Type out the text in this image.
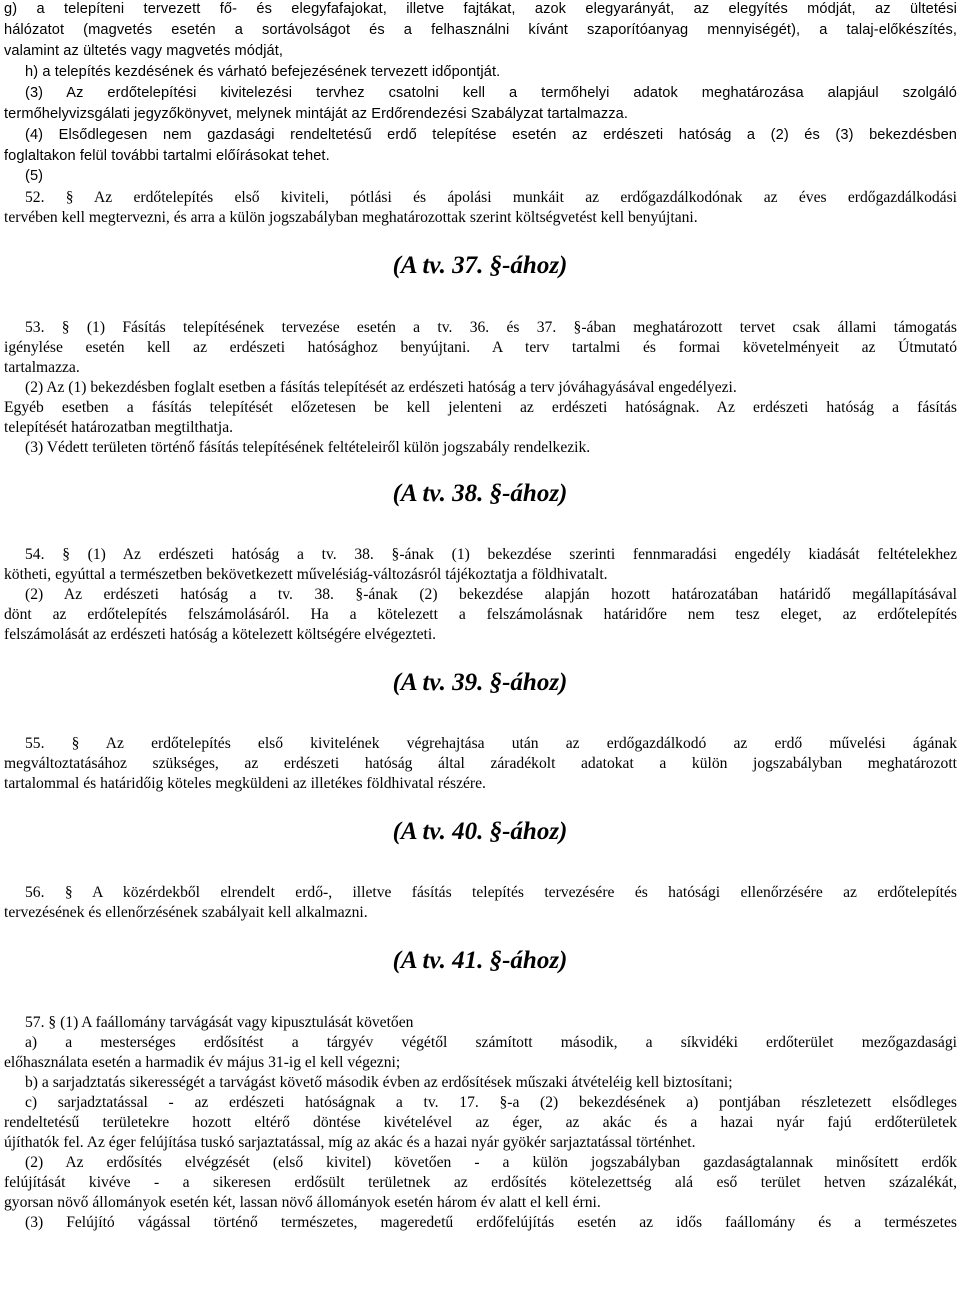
g) a telepíteni tervezett fő- és elegyfafajokat, illetve fajtákat, azok elegyarányát, az elegyítés módját, az ültetési
hálózatot (magvetés esetén a sortávolságot és a felhasználni kívánt szaporítóanyag mennyiségét), a talaj-előkészítés,
valamint az ültetés vagy magvetés módját,
h) a telepítés kezdésének és várható befejezésének tervezett időpontját.
(3) Az erdőtelepítési kivitelezési tervhez csatolni kell a termőhelyi adatok meghatározása alapjául szolgáló
termőhelyvizsgálati jegyzőkönyvet, melynek mintáját az Erdőrendezési Szabályzat tartalmazza.
(4) Elsődlegesen nem gazdasági rendeltetésű erdő telepítése esetén az erdészeti hatóság a (2) és (3) bekezdésben
foglaltakon felül további tartalmi előírásokat tehet.
(5)
52. § Az erdőtelepítés első kiviteli, pótlási és ápolási munkáit az erdőgazdálkodónak az éves erdőgazdálkodási
tervében kell megtervezni, és arra a külön jogszabályban meghatározottak szerint költségvetést kell benyújtani.
(A tv. 37. §-ához)
53. § (1) Fásítás telepítésének tervezése esetén a tv. 36. és 37. §-ában meghatározott tervet csak állami támogatás
igénylése esetén kell az erdészeti hatósághoz benyújtani. A terv tartalmi és formai követelményeit az Útmutató
tartalmazza.
(2) Az (1) bekezdésben foglalt esetben a fásítás telepítését az erdészeti hatóság a terv jóváhagyásával engedélyezi.
Egyéb esetben a fásítás telepítését előzetesen be kell jelenteni az erdészeti hatóságnak. Az erdészeti hatóság a fásítás
telepítését határozatban megtilthatja.
(3) Védett területen történő fásítás telepítésének feltételeiről külön jogszabály rendelkezik.
(A tv. 38. §-ához)
54. § (1) Az erdészeti hatóság a tv. 38. §-ának (1) bekezdése szerinti fennmaradási engedély kiadását feltételekhez
kötheti, egyúttal a természetben bekövetkezett művelésiág-változásról tájékoztatja a földhivatalt.
(2) Az erdészeti hatóság a tv. 38. §-ának (2) bekezdése alapján hozott határozatában határidő megállapításával
dönt az erdőtelepítés felszámolásáról. Ha a kötelezett a felszámolásnak határidőre nem tesz eleget, az erdőtelepítés
felszámolását az erdészeti hatóság a kötelezett költségére elvégezteti.
(A tv. 39. §-ához)
55. § Az erdőtelepítés első kivitelének végrehajtása után az erdőgazdálkodó az erdő művelési ágának
megváltoztatásához szükséges, az erdészeti hatóság által záradékolt adatokat a külön jogszabályban meghatározott
tartalommal és határidőig köteles megküldeni az illetékes földhivatal részére.
(A tv. 40. §-ához)
56. § A közérdekből elrendelt erdő-, illetve fásítás telepítés tervezésére és hatósági ellenőrzésére az erdőtelepítés
tervezésének és ellenőrzésének szabályait kell alkalmazni.
(A tv. 41. §-ához)
57. § (1) A faállomány tarvágását vagy kipusztulását követően
a) a mesterséges erdősítést a tárgyév végétől számított második, a síkvidéki erdőterület mezőgazdasági
előhasználata esetén a harmadik év május 31-ig el kell végezni;
b) a sarjadztatás sikerességét a tarvágást követő második évben az erdősítések műszaki átvételéig kell biztosítani;
c) sarjadztatással - az erdészeti hatóságnak a tv. 17. §-a (2) bekezdésének a) pontjában részletezett elsődleges
rendeltetésű területekre hozott eltérő döntése kivételével az éger, az akác és a hazai nyár fajú erdőterületek
újíthatók fel. Az éger felújítása tuskó sarjaztatással, míg az akác és a hazai nyár gyökér sarjaztatással történhet.
(2) Az erdősítés elvégzését (első kivitel) követően - a külön jogszabályban gazdaságtalannak minősített erdők
felújítását kivéve - a sikeresen erdősült területnek az erdősítés kötelezettség alá eső terület hetven százalékát,
gyorsan növő állományok esetén két, lassan növő állományok esetén három év alatt el kell érni.
(3) Felújító vágással történő természetes, mageredetű erdőfelújítás esetén az idős faállomány és a természetes
